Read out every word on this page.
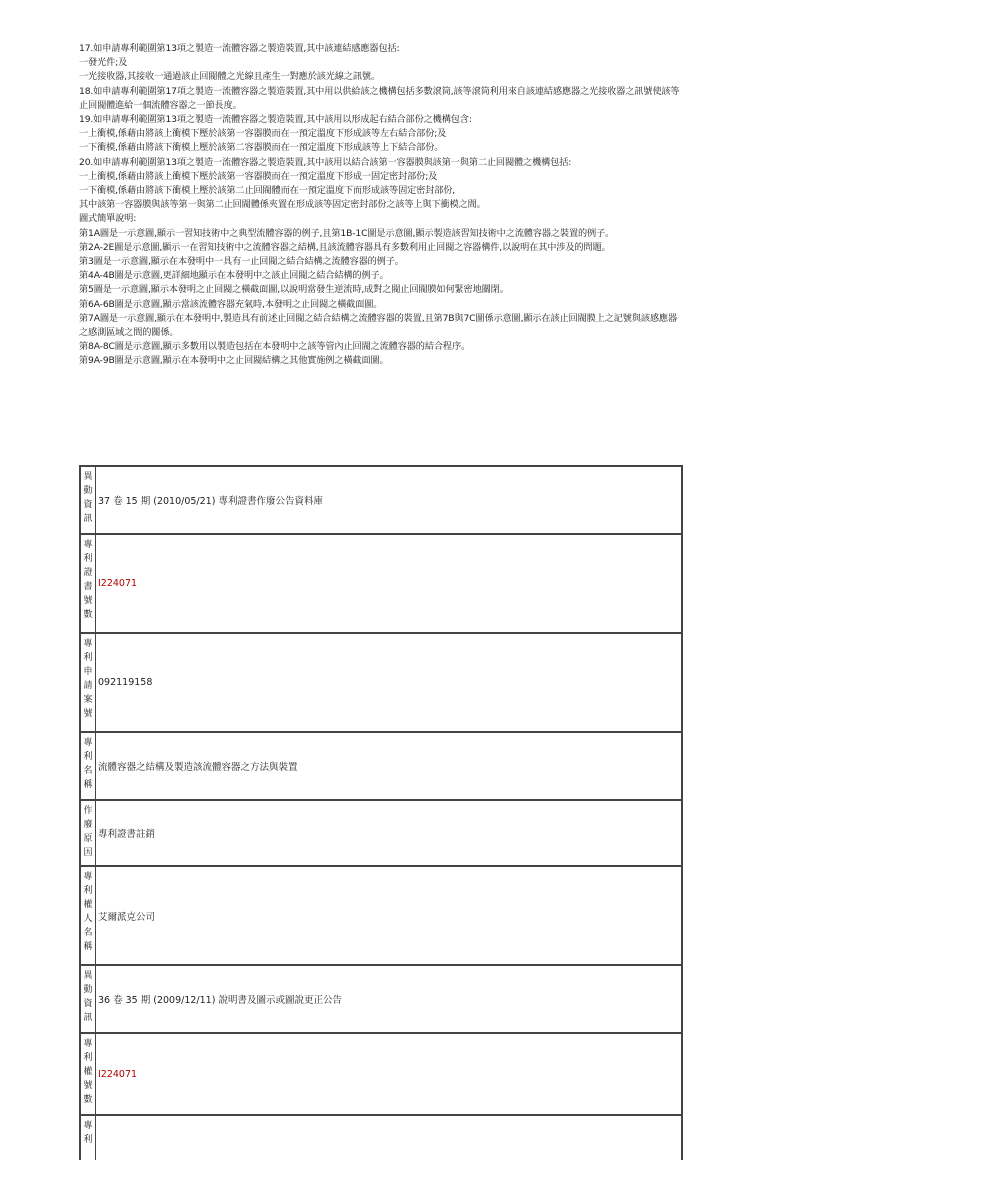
17.如申請專利範圍第13項之製造一流體容器之製造裝置,其中該連結感應器包括:
一發光件;及
一光接收器,其接收一通過該止回閥體之光線且產生一對應於該光線之訊號。
18.如申請專利範圍第17項之製造一流體容器之製造裝置,其中用以供給該之機構包括多數滾筒,該等滾筒利用來自該連結感應器之光接收器之訊號使該等止回閥體進給一個流體容器之一節長度。
19.如申請專利範圍第13項之製造一流體容器之製造裝置,其中該用以形成起右結合部份之機構包含:
一上衝模,係藉由將該上衝模下壓於該第一容器膜而在一預定溫度下形成該等左右結合部份;及
一下衝模,係藉由將該下衝模上壓於該第二容器膜而在一預定溫度下形成該等上下結合部份。
20.如申請專利範圍第13項之製造一流體容器之製造裝置,其中該用以結合該第一容器膜與該第一與第二止回閥體之機構包括:
一上衝模,係藉由將該上衝模下壓於該第一容器膜而在一預定溫度下形成一固定密封部份;及
一下衝模,係藉由將該下衝模上壓於該第二止回閥體而在一預定溫度下而形成該等固定密封部份,
其中該第一容器膜與該等第一與第二止回閥體係夾置在形成該等固定密封部份之該等上與下衝模之間。
圖式簡單說明:
第1A圖是一示意圖,顯示一習知技術中之典型流體容器的例子,且第1B-1C圖是示意圖,顯示製造該習知技術中之流體容器之裝置的例子。
第2A-2E圖是示意圖,顯示一在習知技術中之流體容器之結構,且該流體容器具有多數利用止回閥之容器構件,以說明在其中涉及的問題。
第3圖是一示意圖,顯示在本發明中一具有一止回閥之結合結構之流體容器的例子。
第4A-4B圖是示意圖,更詳細地顯示在本發明中之該止回閥之結合結構的例子。
第5圖是一示意圖,顯示本發明之止回閥之橫截面圖,以說明當發生逆流時,成對之閥止回閥膜如何緊密地關閉。
第6A-6B圖是示意圖,顯示當該流體容器充氣時,本發明之止回閥之橫截面圖。
第7A圖是一示意圖,顯示在本發明中,製造具有前述止回閥之結合結構之流體容器的裝置,且第7B與7C圖係示意圖,顯示在該止回閥膜上之記號與該感應器之感測區域之間的關係。
第8A-8C圖是示意圖,顯示多數用以製造包括在本發明中之該等管內止回閥之流體容器的結合程序。
第9A-9B圖是示意圖,顯示在本發明中之止回閥結構之其他實施例之橫截面圖。
異動資訊
37 卷 15 期 (2010/05/21) 專利證書作廢公告資料庫
專利證書號數
I224071
專利申請案號
092119158
專利名稱
流體容器之結構及製造該流體容器之方法與裝置
作廢原因
專利證書註銷
專利權人名稱
艾爾派克公司
異動資訊
36 卷 35 期 (2009/12/11) 說明書及圖示或圖說更正公告
專利權號數
I224071
專利
